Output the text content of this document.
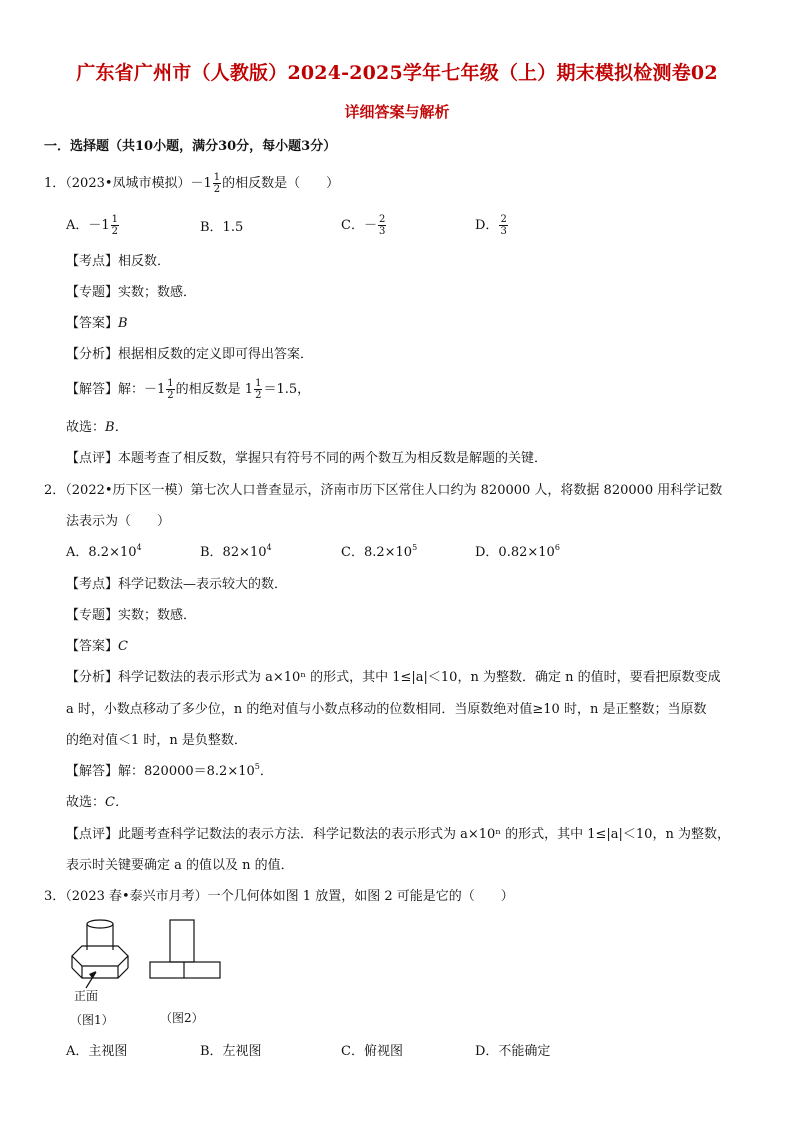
广东省广州市（人教版）2024-2025学年七年级（上）期末模拟检测卷02
详细答案与解析
一．选择题（共10小题，满分30分，每小题3分）
1．（2023•凤城市模拟）$-1 \frac{1}{2}$ 的相反数是（　　）
A．$-1 \frac{1}{2}$	B．1.5	C．－ $\frac{2}{3}$	D． $\frac{2}{3}$
【考点】相反数．
【专题】实数；数感．
【答案】B
【分析】根据相反数的定义即可得出答案．
【解答】解：$-1 \frac{1}{2}$ 的相反数是 $1 \frac{1}{2} =1.5$，
故选：B．
【点评】本题考查了相反数，掌握只有符号不同的两个数互为相反数是解题的关键．
2．（2022•历下区一模）第七次人口普查显示，济南市历下区常住人口约为 820000 人，将数据 820000 用科学记数
法表示为（　　）
A．$8.2\times 10^4$	B．$82\times 10^4$	C．$8.2\times 10^5$	D．$0.82\times 10^6$
【考点】科学记数法—表示较大的数．
【专题】实数；数感．
【答案】C
【分析】科学记数法的表示形式为 a×10ⁿ 的形式，其中 1≤|a|＜10，n 为整数．确定 n 的值时，要看把原数变成
a 时，小数点移动了多少位，n 的绝对值与小数点移动的位数相同．当原数绝对值≥10 时，n 是正整数；当原数
的绝对值＜1 时，n 是负整数．
【解答】解：$820000=8.2\times 10^5$．
故选：C．
【点评】此题考查科学记数法的表示方法．科学记数法的表示形式为 a×10ⁿ 的形式，其中 1≤|a|＜10，n 为整数，
表示时关键要确定 a 的值以及 n 的值．
3．（2023 春•泰兴市月考）一个几何体如图 1 放置，如图 2 可能是它的（　　）
正面
（图1）	（图2）
A．主视图	B．左视图	C．俯视图	D．不能确定
